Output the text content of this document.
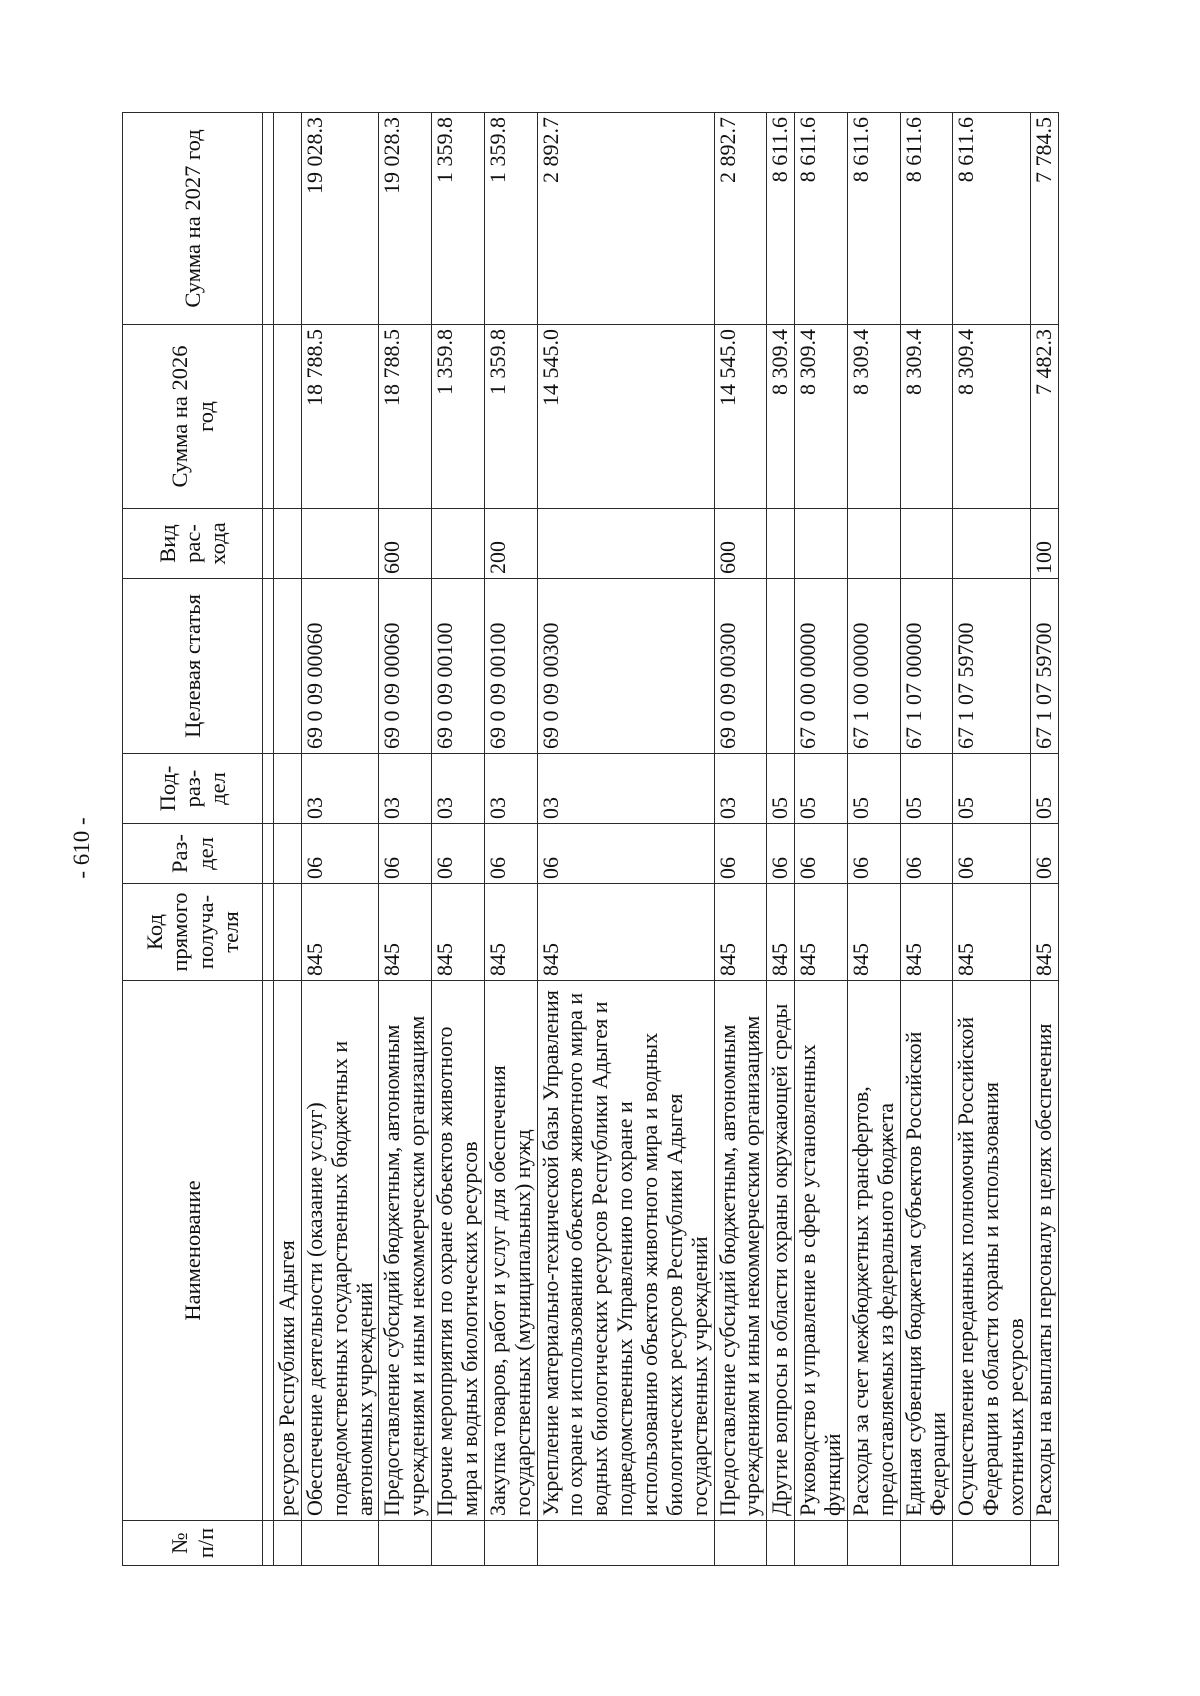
- 610 -
№ п/п	Наименование	Код прямого получа-теля	Раз-дел	Под-раз-дел	Целевая статья	Вид рас-хода	Сумма на 2026 год	Сумма на 2027 год

	ресурсов Республики Адыгея							
	Обеспечение деятельности (оказание услуг) подведомственных государственных бюджетных и автономных учреждений	845	06	03	69 0 09 00060		18 788.5	19 028.3
	Предоставление субсидий бюджетным, автономным учреждениям и иным некоммерческим организациям	845	06	03	69 0 09 00060	600	18 788.5	19 028.3
	Прочие мероприятия по охране объектов животного мира и водных биологических ресурсов	845	06	03	69 0 09 00100		1 359.8	1 359.8
	Закупка товаров, работ и услуг для обеспечения государственных (муниципальных) нужд	845	06	03	69 0 09 00100	200	1 359.8	1 359.8
	Укрепление материально-технической базы Управления по охране и использованию объектов животного мира и водных биологических ресурсов Республики Адыгея и подведомственных Управлению по охране и использованию объектов животного мира и водных биологических ресурсов Республики Адыгея государственных учреждений	845	06	03	69 0 09 00300		14 545.0	2 892.7
	Предоставление субсидий бюджетным, автономным учреждениям и иным некоммерческим организациям	845	06	03	69 0 09 00300	600	14 545.0	2 892.7
	Другие вопросы в области охраны окружающей среды	845	06	05			8 309.4	8 611.6
	Руководство и управление в сфере установленных функций	845	06	05	67 0 00 00000		8 309.4	8 611.6
	Расходы за счет межбюджетных трансфертов, предоставляемых из федерального бюджета	845	06	05	67 1 00 00000		8 309.4	8 611.6
	Единая субвенция бюджетам субъектов Российской Федерации	845	06	05	67 1 07 00000		8 309.4	8 611.6
	Осуществление переданных полномочий Российской Федерации в области охраны и использования охотничьих ресурсов	845	06	05	67 1 07 59700		8 309.4	8 611.6
	Расходы на выплаты персоналу в целях обеспечения	845	06	05	67 1 07 59700	100	7 482.3	7 784.5
